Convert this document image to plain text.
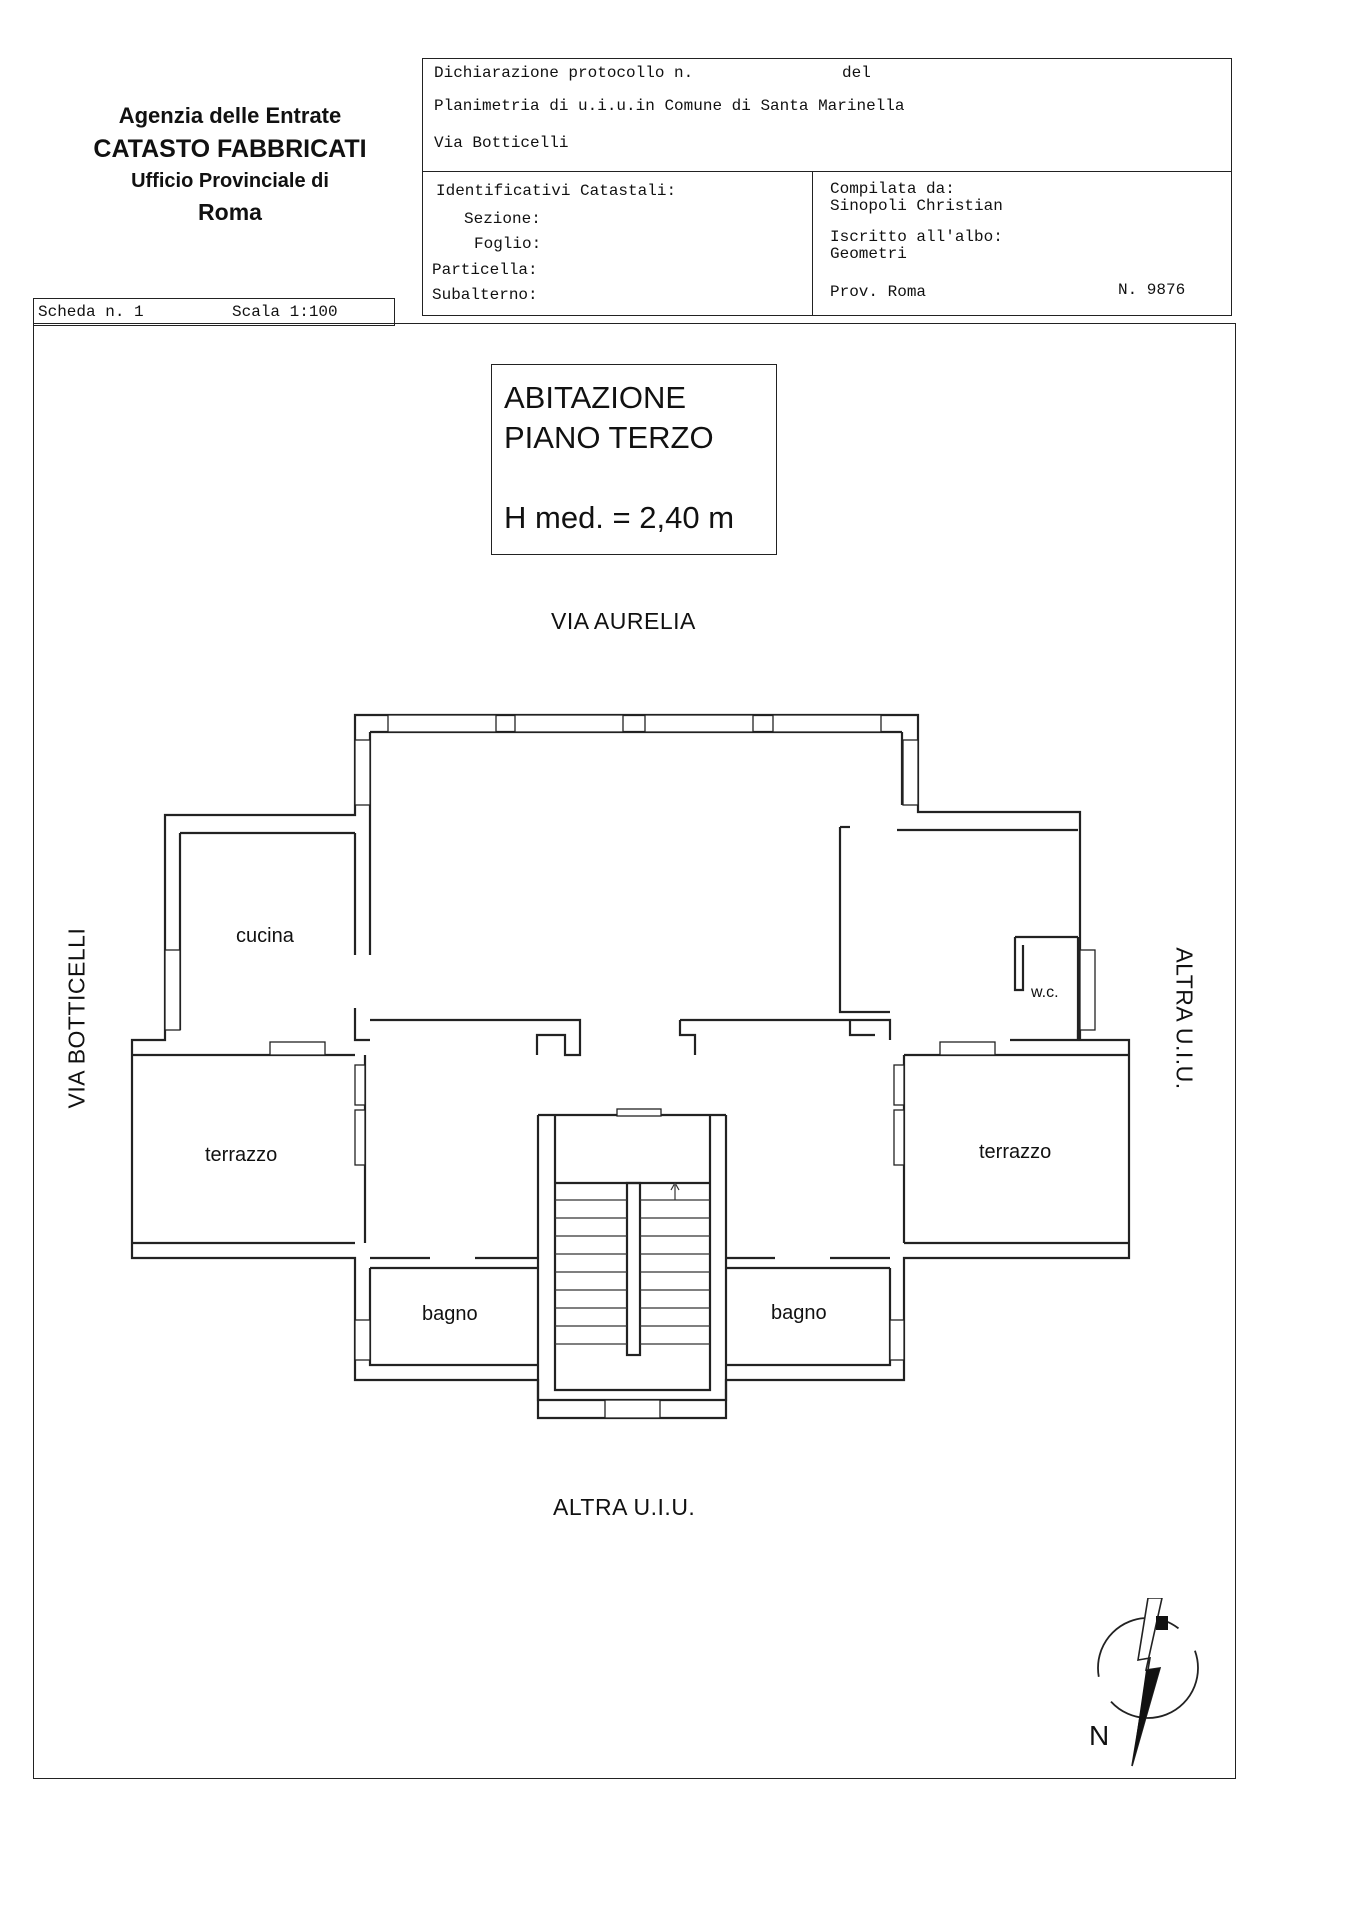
Agenzia delle Entrate
CATASTO FABBRICATI
Ufficio Provinciale di
Roma
Dichiarazione protocollo n.	del
Planimetria di u.i.u.in Comune di Santa Marinella
Via Botticelli
Identificativi Catastali:
Sezione:
Foglio:
Particella:
Subalterno:
Compilata da:
Sinopoli Christian
Iscritto all'albo:
Geometri
Prov. Roma	N. 9876
Scheda n. 1	Scala 1:100
ABITAZIONE
PIANO TERZO
H med. = 2,40 m
VIA AURELIA
ALTRA U.I.U.
VIA BOTTICELLI	ALTRA U.I.U.
cucina
w.c.
terrazzo	terrazzo
bagno	bagno
N
